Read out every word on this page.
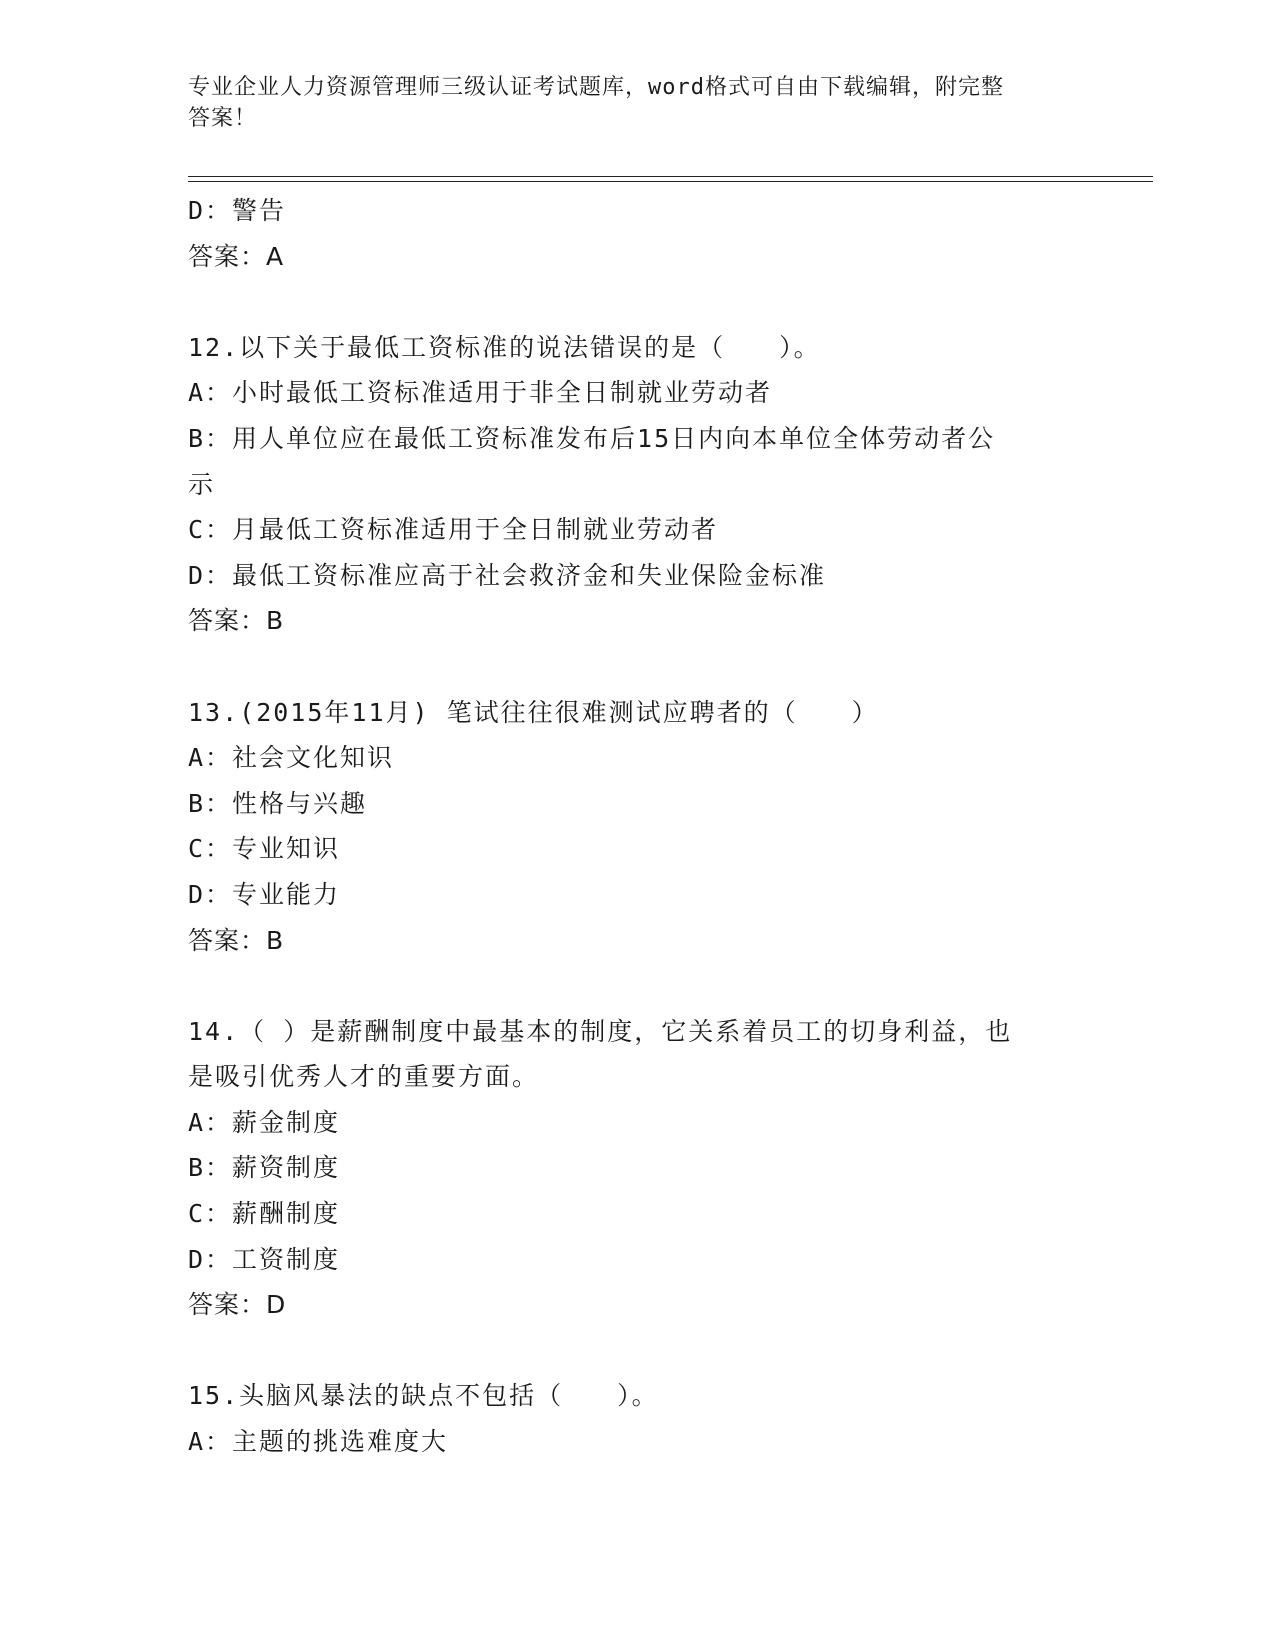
专业企业人力资源管理师三级认证考试题库，word格式可自由下载编辑，附完整
答案！
D：警告
答案：A
12.以下关于最低工资标准的说法错误的是（　　）。
A：小时最低工资标准适用于非全日制就业劳动者
B：用人单位应在最低工资标准发布后15日内向本单位全体劳动者公
示
C：月最低工资标准适用于全日制就业劳动者
D：最低工资标准应高于社会救济金和失业保险金标准
答案：B
13.(2015年11月) 笔试往往很难测试应聘者的（　　）
A：社会文化知识
B：性格与兴趣
C：专业知识
D：专业能力
答案：B
14.（ ）是薪酬制度中最基本的制度，它关系着员工的切身利益，也
是吸引优秀人才的重要方面。
A：薪金制度
B：薪资制度
C：薪酬制度
D：工资制度
答案：D
15.头脑风暴法的缺点不包括（　　）。
A：主题的挑选难度大
